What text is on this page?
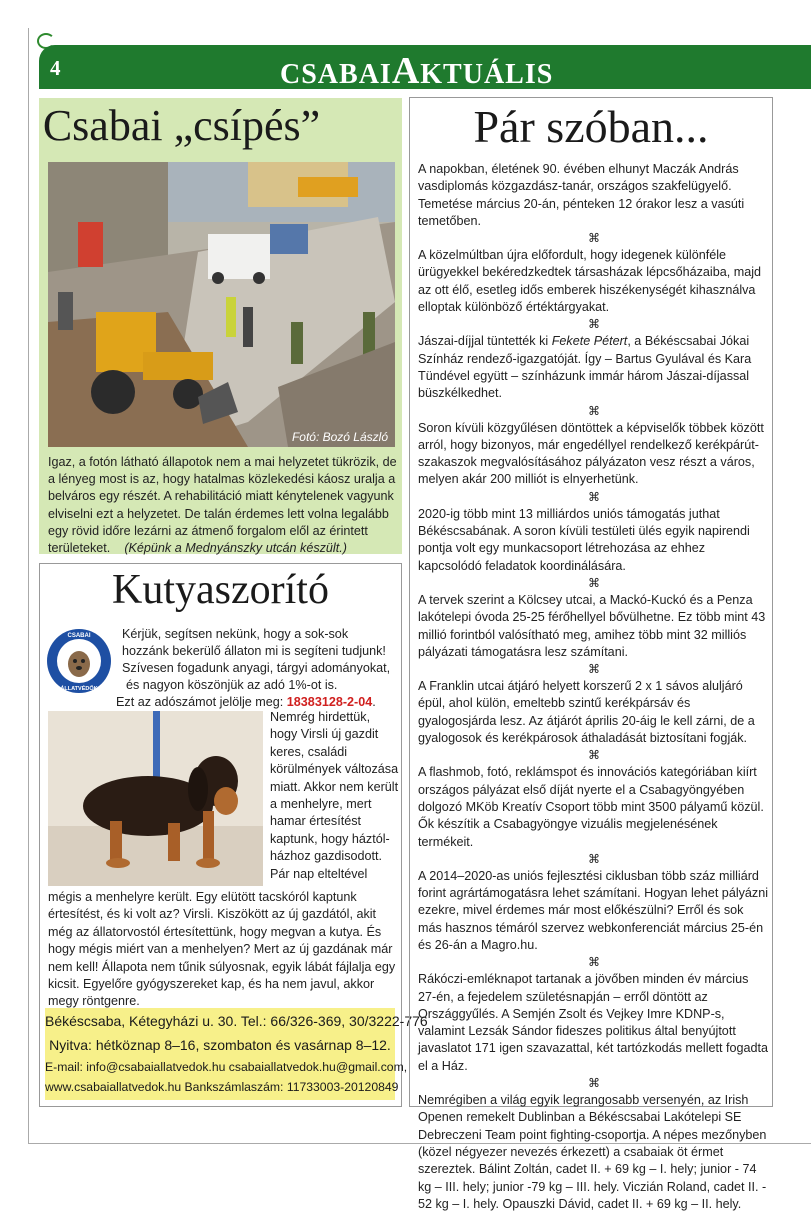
4	CSABAIAKTUÁLIS
Csabai „csípés”
Fotó: Bozó László

Igaz, a fotón látható állapotok nem a mai helyzetet tükrözik, de a lényeg most is az, hogy hatalmas közlekedési káosz uralja a belváros egy részét. A rehabilitáció miatt kénytelenek vagyunk elviselni ezt a helyzetet. De talán érdemes lett volna legalább egy rövid időre lezárni az átmenő forgalom elől az érintett területeket. (Képünk a Mednyánszky utcán készült.)

Kutyaszorító
CSABAI
ÁLLATVÉDŐK

Kérjük, segítsen nekünk, hogy a sok-sok
hozzánk bekerülő állaton mi is segíteni tudjunk!
Szívesen fogadunk anyagi, tárgyi adományokat,
és nagyon köszönjük az adó 1%-ot is.
Ezt az adószámot jelölje meg: 18383128-2-04.

Nemrég hirdettük, hogy Virsli új gazdit keres, családi körülmények változása miatt. Akkor nem került a menhelyre, mert hamar értesítést kaptunk, hogy háztól-házhoz gazdisodott. Pár nap elteltével

mégis a menhelyre került. Egy elütött tacskóról kaptunk értesítést, és ki volt az? Virsli. Kiszökött az új gazdától, akit még az állatorvostól értesítettünk, hogy megvan a kutya. És hogy mégis miért van a menhelyen? Mert az új gazdának már nem kell! Állapota nem tűnik súlyosnak, egyik lábát fájlalja egy kicsit. Egyelőre gyógyszereket kap, és ha nem javul, akkor megy röntgenre.

Békéscsaba, Kétegyházi u. 30. Tel.: 66/326-369, 30/3222-776
Nyitva: hétköznap 8–16, szombaton és vasárnap 8–12.
E-mail: info@csabaiallatvedok.hu csabaiallatvedok.hu@gmail.com,
www.csabaiallatvedok.hu Bankszámlaszám: 11733003-20120849
Pár szóban...

A napokban, életének 90. évében elhunyt Maczák András vasdiplomás közgazdász-tanár, országos szakfelügyelő. Temetése március 20-án, pénteken 12 órakor lesz a vasúti temetőben.

⌘

A közelmúltban újra előfordult, hogy idegenek különféle ürügyekkel bekéredzkedtek társasházak lépcsőházaiba, majd az ott élő, esetleg idős emberek hiszékenységét kihasználva elloptak különböző értéktárgyakat.

⌘

Jászai-díjjal tüntették ki Fekete Pétert, a Békéscsabai Jókai Színház rendező-igazgatóját. Így – Bartus Gyulával és Kara Tündével együtt – színházunk immár három Jászai-díjassal büszkélkedhet.

⌘

Soron kívüli közgyűlésen döntöttek a képviselők többek között arról, hogy bizonyos, már engedéllyel rendelkező kerékpárút-szakaszok megvalósításához pályázaton vesz részt a város, melyen akár 200 milliót is elnyerhetünk.

⌘

2020-ig több mint 13 milliárdos uniós támogatás juthat Békéscsabának. A soron kívüli testületi ülés egyik napirendi pontja volt egy munkacsoport létrehozása az ehhez kapcsolódó feladatok koordinálására.

⌘

A tervek szerint a Kölcsey utcai, a Mackó-Kuckó és a Penza lakótelepi óvoda 25-25 férőhellyel bővülhetne. Ez több mint 43 millió forintból valósítható meg, amihez több mint 32 milliós pályázati támogatásra lesz számítani.

⌘

A Franklin utcai átjáró helyett korszerű 2 x 1 sávos aluljáró épül, ahol külön, emeltebb szintű kerékpársáv és gyalogosjárda lesz. Az átjárót április 20-áig le kell zárni, de a gyalogosok és kerékpárosok áthaladását biztosítani fogják.

⌘

A flashmob, fotó, reklámspot és innovációs kategóriában kiírt országos pályázat első díját nyerte el a Csabagyöngyében dolgozó MKöb Kreatív Csoport több mint 3500 pályamű közül. Ők készítik a Csabagyöngye vizuális megjelenésének termékeit.

⌘

A 2014–2020-as uniós fejlesztési ciklusban több száz milliárd forint agrártámogatásra lehet számítani. Hogyan lehet pályázni ezekre, mivel érdemes már most előkészülni? Erről és sok más hasznos témáról szervez webkonferenciát március 25-én és 26-án a Magro.hu.

⌘

Rákóczi-emléknapot tartanak a jövőben minden év március 27-én, a fejedelem születésnapján – erről döntött az Országgyűlés. A Semjén Zsolt és Vejkey Imre KDNP-s, valamint Lezsák Sándor fideszes politikus által benyújtott javaslatot 171 igen szavazattal, két tartózkodás mellett fogadta el a Ház.

⌘

Nemrégiben a világ egyik legrangosabb versenyén, az Irish Openen remekelt Dublinban a Békéscsabai Lakótelepi SE Debreczeni Team point fighting-csoportja. A népes mezőnyben (közel négyezer nevezés érkezett) a csabaiak öt érmet szereztek. Bálint Zoltán, cadet II. + 69 kg – I. hely; junior - 74 kg – III. hely; junior -79 kg – III. hely. Viczián Roland, cadet II. - 52 kg – I. hely. Opauszki Dávid, cadet II. + 69 kg – II. hely.
